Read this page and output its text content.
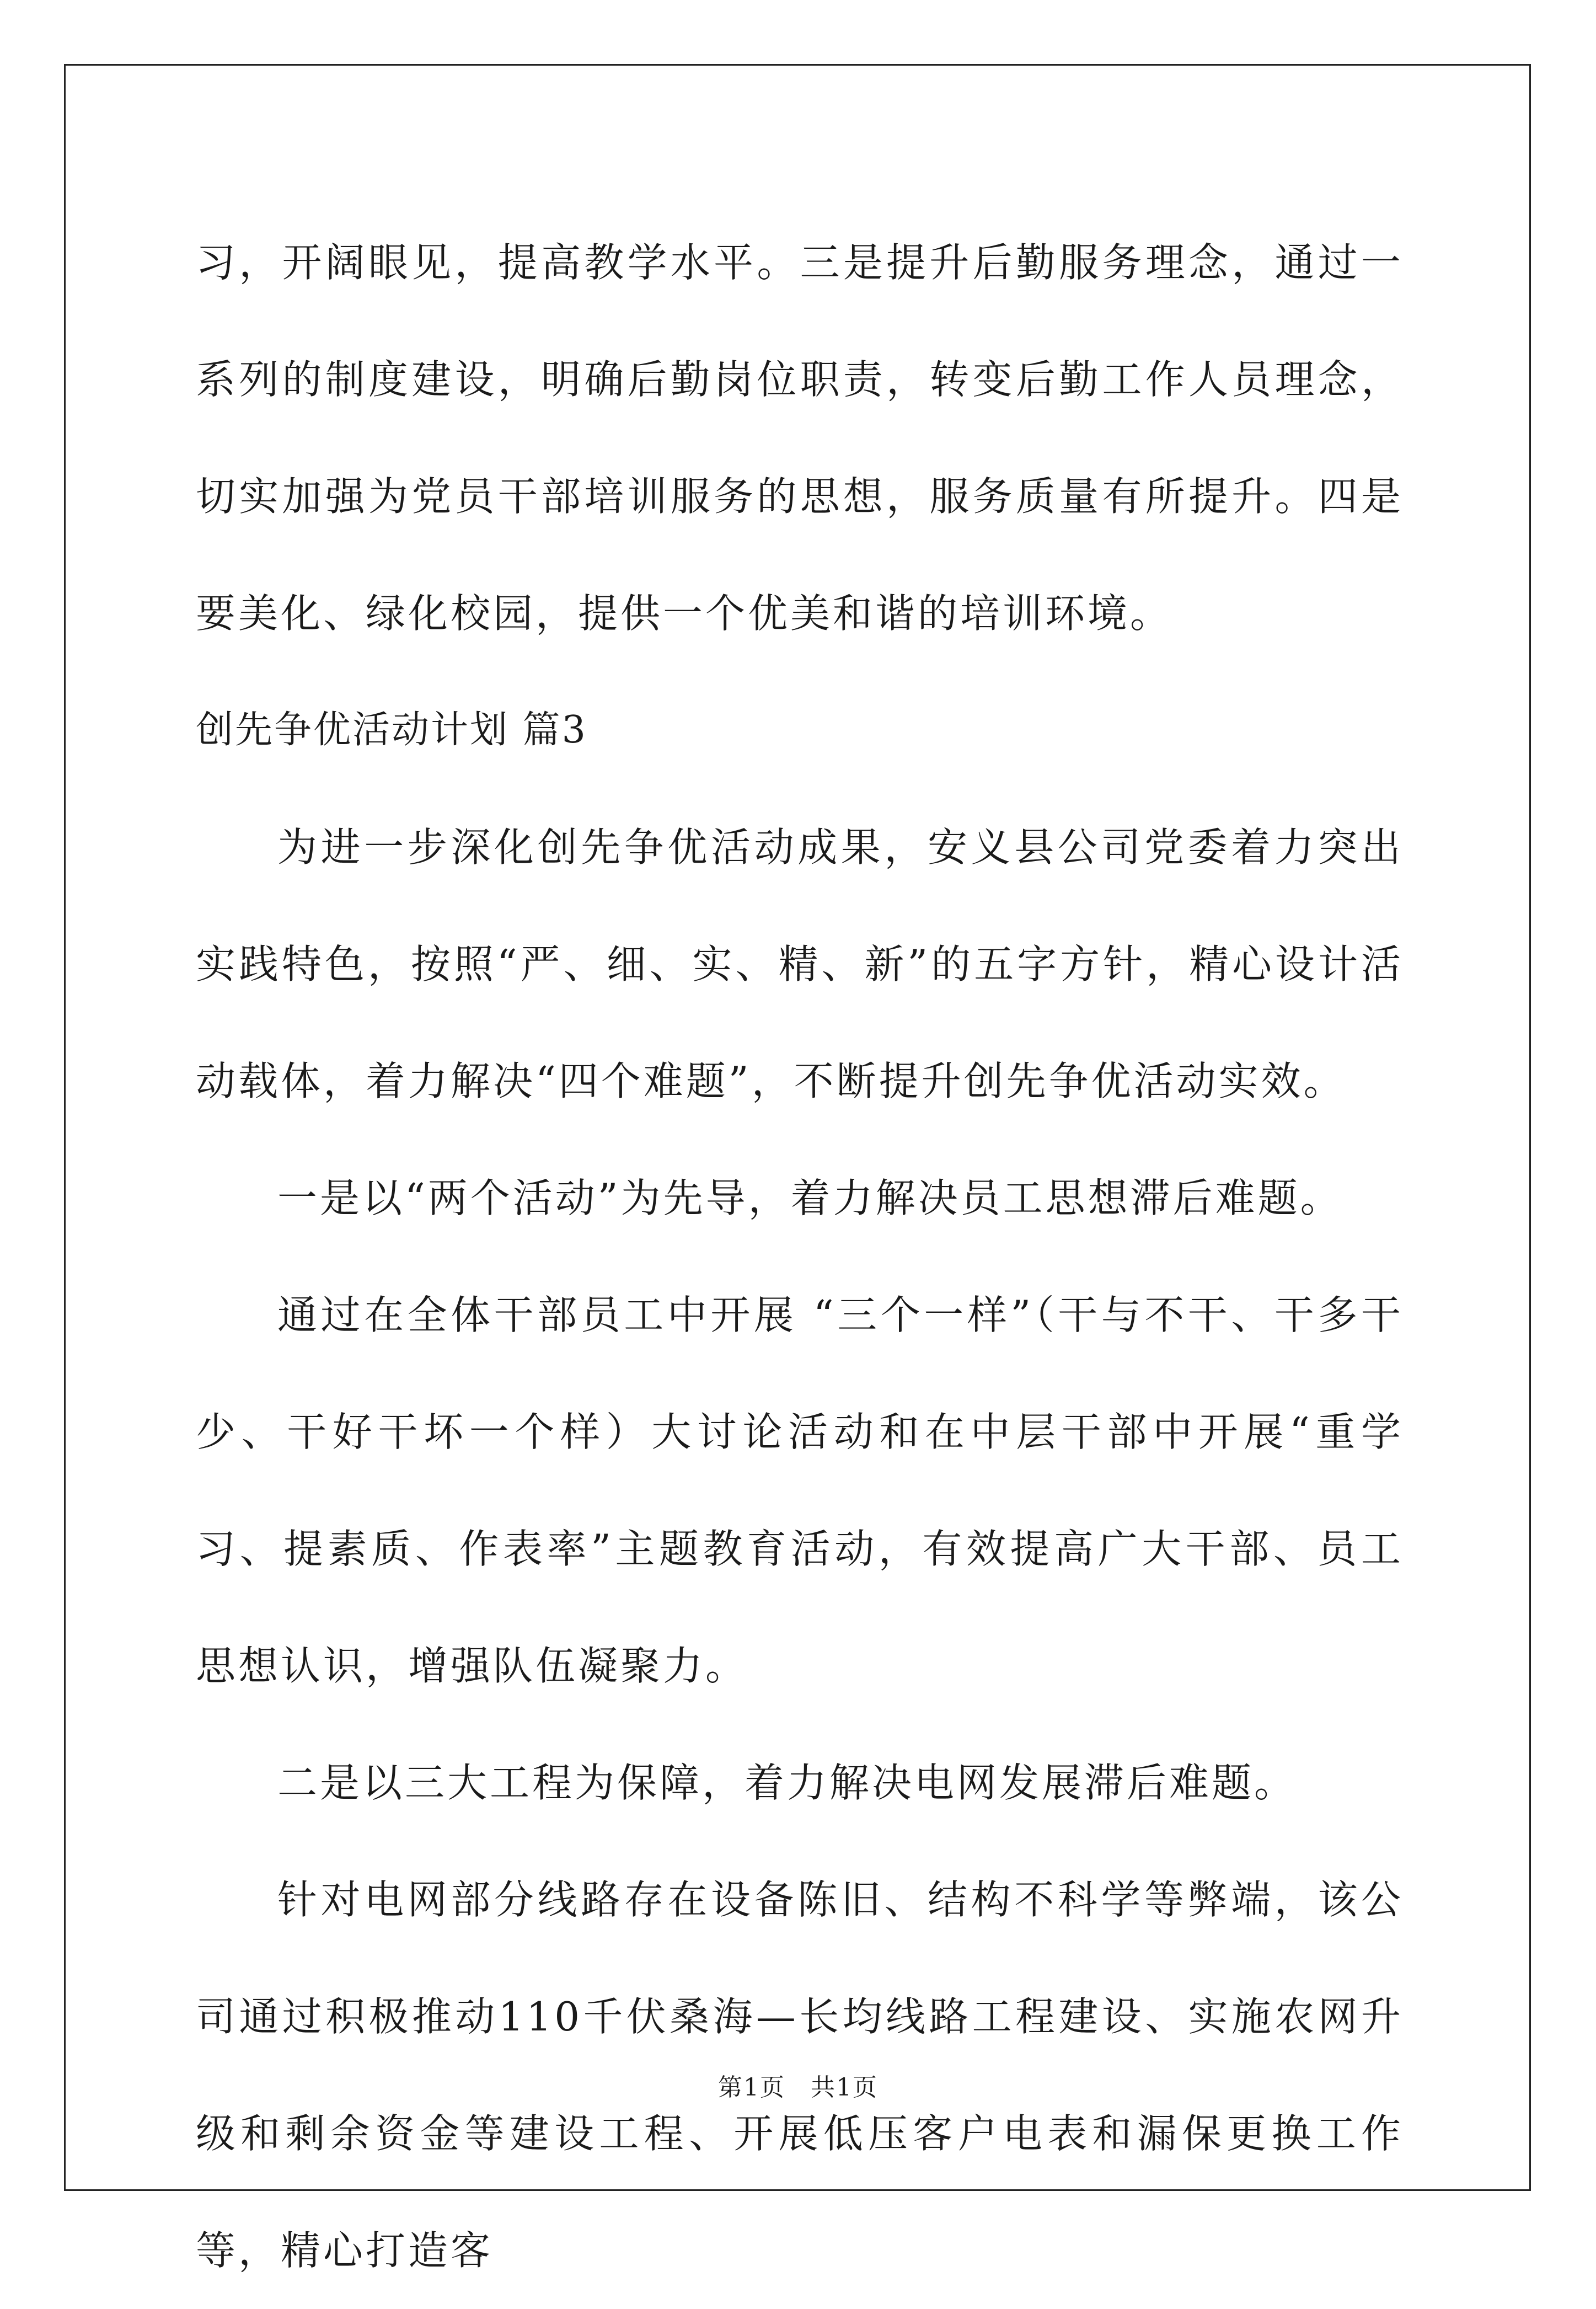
习，开阔眼见，提高教学水平。三是提升后勤服务理念，通过一系列的制度建设，明确后勤岗位职责，转变后勤工作人员理念，切实加强为党员干部培训服务的思想，服务质量有所提升。四是要美化、绿化校园，提供一个优美和谐的培训环境。

创先争优活动计划 篇3

为进一步深化创先争优活动成果，安义县公司党委着力突出实践特色，按照“严、细、实、精、新”的五字方针，精心设计活动载体，着力解决“四个难题”，不断提升创先争优活动实效。

一是以“两个活动”为先导，着力解决员工思想滞后难题。

通过在全体干部员工中开展 “三个一样”（干与不干、干多干少、干好干坏一个样）大讨论活动和在中层干部中开展“重学习、提素质、作表率”主题教育活动，有效提高广大干部、员工思想认识，增强队伍凝聚力。

二是以三大工程为保障，着力解决电网发展滞后难题。

针对电网部分线路存在设备陈旧、结构不科学等弊端，该公司通过积极推动110千伏桑海—长均线路工程建设、实施农网升级和剩余资金等建设工程、开展低压客户电表和漏保更换工作等，精心打造客

第1页　共1页
